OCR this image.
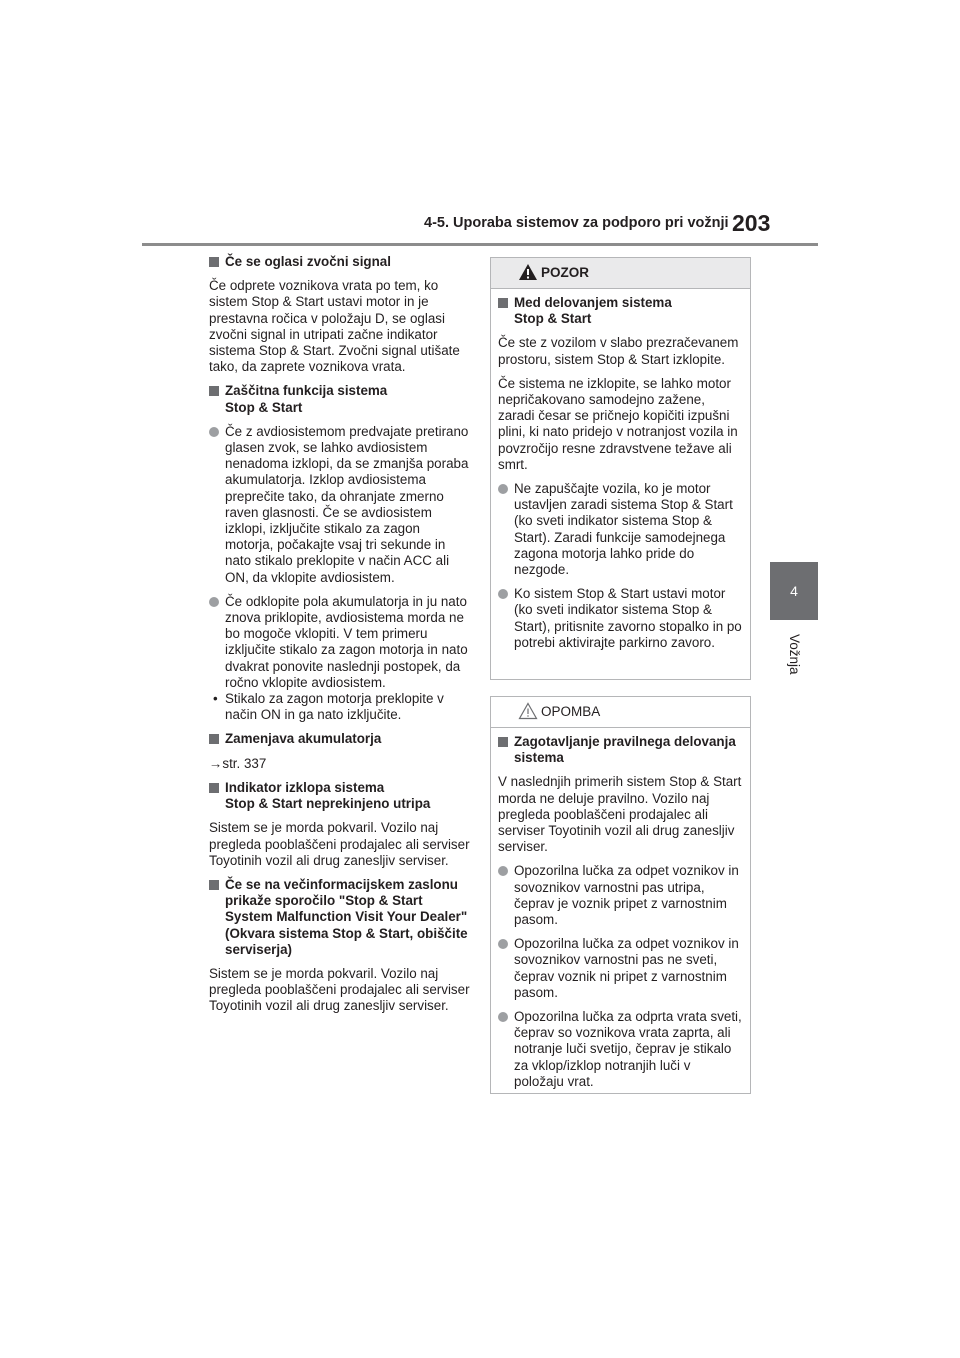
4-5. Uporaba sistemov za podporo pri vožnji 203
4
Vožnja
Če se oglasi zvočni signal

Če odprete voznikova vrata po tem, ko sistem Stop & Start ustavi motor in je prestavna ročica v položaju D, se oglasi zvočni signal in utripati začne indikator sistema Stop & Start. Zvočni signal utišate tako, da zaprete voznikova vrata.

Zaščitna funkcija sistema
Stop & Start
Če z avdiosistemom predvajate pretirano glasen zvok, se lahko avdiosistem nenadoma izklopi, da se zmanjša poraba akumulatorja. Izklop avdiosistema preprečite tako, da ohranjate zmerno raven glasnosti. Če se avdiosistem izklopi, izključite stikalo za zagon motorja, počakajte vsaj tri sekunde in nato stikalo preklopite v način ACC ali ON, da vklopite avdiosistem.
Če odklopite pola akumulatorja in ju nato znova priklopite, avdiosistema morda ne bo mogoče vklopiti. V tem primeru izključite stikalo za zagon motorja in nato dvakrat ponovite naslednji postopek, da ročno vklopite avdiosistem.
• Stikalo za zagon motorja preklopite v način ON in ga nato izključite.
Zamenjava akumulatorja

→str. 337

Indikator izklopa sistema
Stop & Start neprekinjeno utripa

Sistem se je morda pokvaril. Vozilo naj pregleda pooblaščeni prodajalec ali serviser Toyotinih vozil ali drug zanesljiv serviser.

Če se na večinformacijskem zaslonu prikaže sporočilo "Stop & Start System Malfunction Visit Your Dealer" (Okvara sistema Stop & Start, obiščite serviserja)

Sistem se je morda pokvaril. Vozilo naj pregleda pooblaščeni prodajalec ali serviser Toyotinih vozil ali drug zanesljiv serviser.

POZOR
Med delovanjem sistema
Stop & Start

Če ste z vozilom v slabo prezračevanem prostoru, sistem Stop & Start izklopite.

Če sistema ne izklopite, se lahko motor nepričakovano samodejno zažene, zaradi česar se pričnejo kopičiti izpušni plini, ki nato pridejo v notranjost vozila in povzročijo resne zdravstvene težave ali smrt.

Ne zapuščajte vozila, ko je motor ustavljen zaradi sistema Stop & Start (ko sveti indikator sistema Stop & Start). Zaradi funkcije samodejnega zagona motorja lahko pride do nezgode.
Ko sistem Stop & Start ustavi motor (ko sveti indikator sistema Stop & Start), pritisnite zavorno stopalko in po potrebi aktivirajte parkirno zavoro.
OPOMBA
Zagotavljanje pravilnega delovanja sistema

V naslednjih primerih sistem Stop & Start morda ne deluje pravilno. Vozilo naj pregleda pooblaščeni prodajalec ali serviser Toyotinih vozil ali drug zanesljiv serviser.

Opozorilna lučka za odpet voznikov in sovoznikov varnostni pas utripa, čeprav je voznik pripet z varnostnim pasom.
Opozorilna lučka za odpet voznikov in sovoznikov varnostni pas ne sveti, čeprav voznik ni pripet z varnostnim pasom.
Opozorilna lučka za odprta vrata sveti, čeprav so voznikova vrata zaprta, ali notranje luči svetijo, čeprav je stikalo za vklop/izklop notranjih luči v položaju vrat.
